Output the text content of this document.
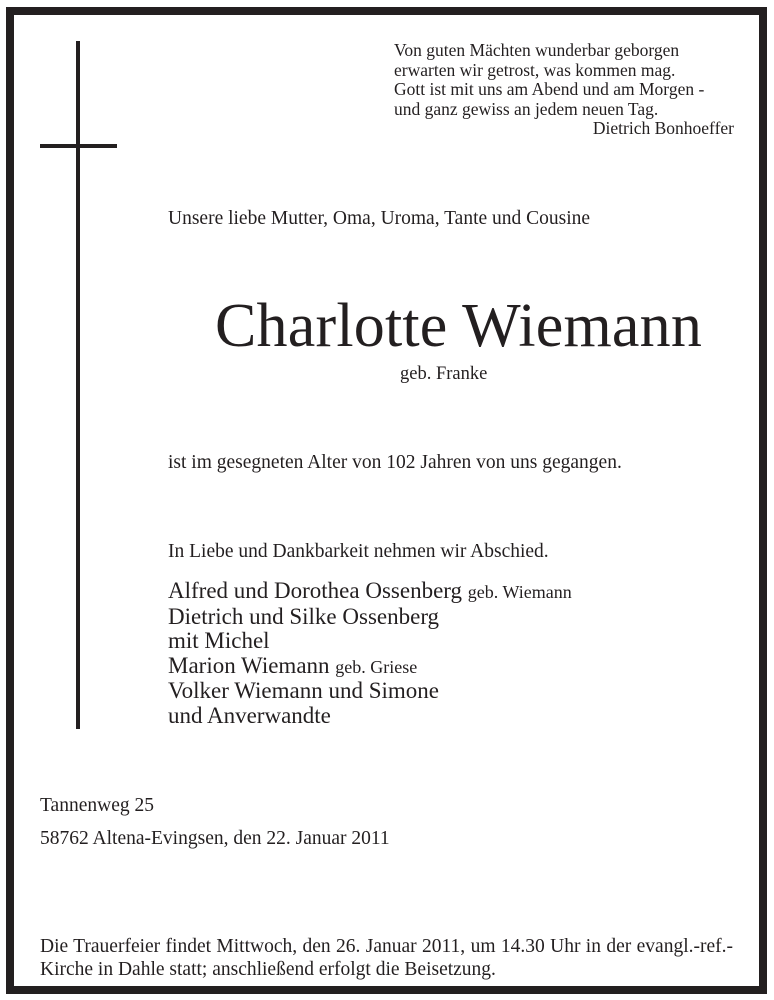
Von guten Mächten wunderbar geborgen
erwarten wir getrost, was kommen mag.
Gott ist mit uns am Abend und am Morgen -
und ganz gewiss an jedem neuen Tag.
Dietrich Bonhoeffer

Unsere liebe Mutter, Oma, Uroma, Tante und Cousine

Charlotte Wiemann

geb. Franke

ist im gesegneten Alter von 102 Jahren von uns gegangen.

In Liebe und Dankbarkeit nehmen wir Abschied.

Alfred und Dorothea Ossenberg geb. Wiemann
Dietrich und Silke Ossenberg
mit Michel
Marion Wiemann geb. Griese
Volker Wiemann und Simone
und Anverwandte

Tannenweg 25

58762 Altena-Evingsen, den 22. Januar 2011

Die Trauerfeier findet Mittwoch, den 26. Januar 2011, um 14.30 Uhr in der evangl.-ref.-Kirche in Dahle statt; anschließend erfolgt die Beisetzung.
